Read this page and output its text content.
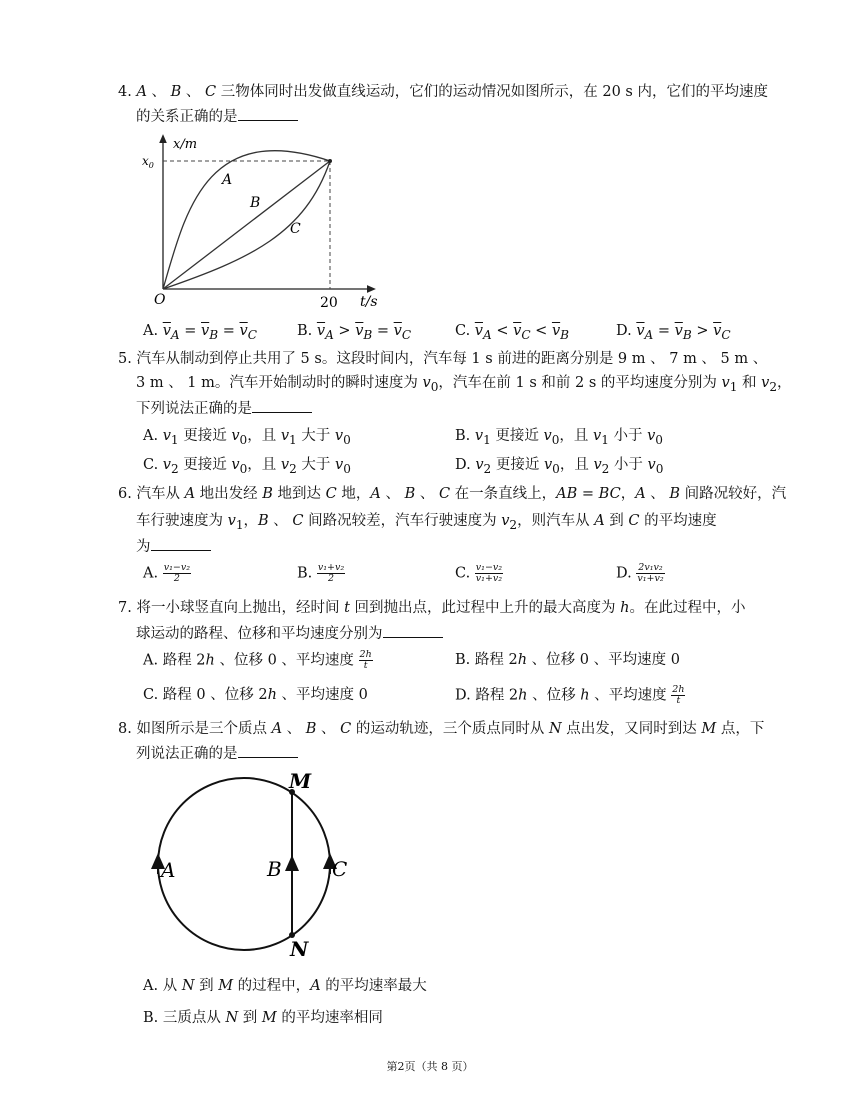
4. A 、 B 、 C 三物体同时出发做直线运动，它们的运动情况如图所示，在 20 s 内，它们的平均速度
的关系正确的是
x/m
$x_0$
t/s
20
O
A
B
C
A. $\overline{v}_A = \overline{v}_B = \overline{v}_C$	B. $\overline{v}_A > \overline{v}_B = \overline{v}_C$	C. $\overline{v}_A < \overline{v}_C < \overline{v}_B$	D. $\overline{v}_A = \overline{v}_B > \overline{v}_C$
5. 汽车从制动到停止共用了 5 s。这段时间内，汽车每 1 s 前进的距离分别是 9 m 、 7 m 、 5 m 、
3 m 、 1 m。汽车开始制动时的瞬时速度为 $v_0$，汽车在前 1 s 和前 2 s 的平均速度分别为 $v_1$ 和 $v_2$，
下列说法正确的是
A. $v_1$ 更接近 $v_0$，且 $v_1$ 大于 $v_0$	B. $v_1$ 更接近 $v_0$，且 $v_1$ 小于 $v_0$
C. $v_2$ 更接近 $v_0$，且 $v_2$ 大于 $v_0$	D. $v_2$ 更接近 $v_0$，且 $v_2$ 小于 $v_0$
6. 汽车从 A 地出发经 B 地到达 C 地，A 、 B 、 C 在一条直线上，AB = BC，A 、 B 间路况较好，汽
车行驶速度为 $v_1$，B 、 C 间路况较差，汽车行驶速度为 $v_2$，则汽车从 A 到 C 的平均速度
为
A. $\frac{\text{v₁−v₂}}{2}$	B. $\frac{\text{v₁+v₂}}{2}$	C. $\frac{\text{v₁−v₂}}{\text{v₁+v₂}}$	D. $\frac{\text{2v₁v₂}}{\text{v₁+v₂}}$
7. 将一小球竖直向上抛出，经时间 t 回到抛出点，此过程中上升的最大高度为 h。在此过程中，小
球运动的路程、位移和平均速度分别为
A. 路程 2h 、位移 0 、平均速度 $\frac{2h}{t}$	B. 路程 2h 、位移 0 、平均速度 0
C. 路程 0 、位移 2h 、平均速度 0	D. 路程 2h 、位移 h 、平均速度 $\frac{2h}{t}$
8. 如图所示是三个质点 A 、 B 、 C 的运动轨迹，三个质点同时从 N 点出发，又同时到达 M 点，下
列说法正确的是
M
N
A	B	C
A. 从 N 到 M 的过程中，A 的平均速率最大
B. 三质点从 N 到 M 的平均速率相同
第2页（共 8 页）
